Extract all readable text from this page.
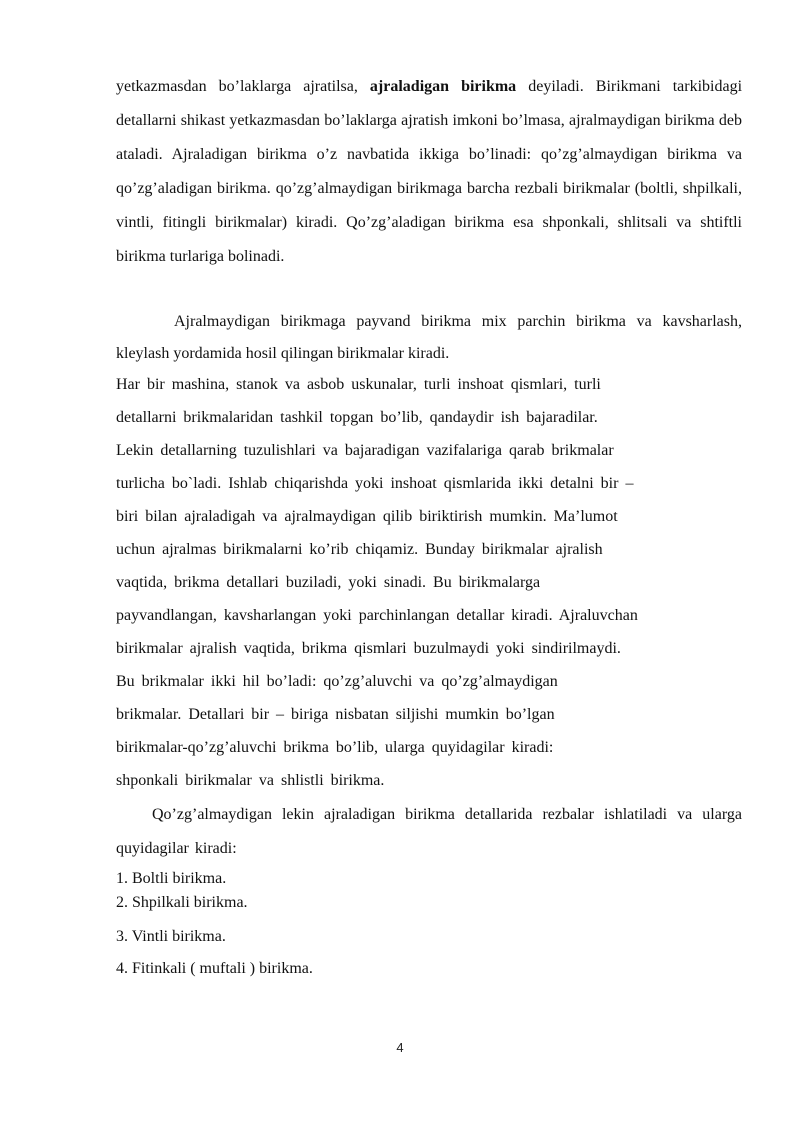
yetkazmasdan bo’laklarga ajratilsa, ajraladigan birikma deyiladi. Birikmani tarkibidagi detallarni shikast yetkazmasdan bo’laklarga ajratish imkoni bo’lmasa, ajralmaydigan birikma deb ataladi. Ajraladigan birikma o’z navbatida ikkiga bo’linadi: qo’zg’almaydigan birikma va qo’zg’aladigan birikma. qo’zg’almaydigan birikmaga barcha rezbali birikmalar (boltli, shpilkali, vintli, fitingli birikmalar) kiradi. Qo’zg’aladigan birikma esa shponkali, shlitsali va shtiftli birikma turlariga bolinadi.

Ajralmaydigan birikmaga payvand birikma mix parchin birikma va kavsharlash, kleylash yordamida hosil qilingan birikmalar kiradi.

Har bir mashina, stanok va asbob uskunalar, turli inshoat qismlari, turli
detallarni brikmalaridan tashkil topgan bo’lib, qandaydir ish bajaradilar.
Lekin detallarning tuzulishlari va bajaradigan vazifalariga qarab brikmalar
turlicha bo`ladi. Ishlab chiqarishda yoki inshoat qismlarida ikki detalni bir –
biri bilan ajraladigah va ajralmaydigan qilib biriktirish mumkin. Ma’lumot
uchun ajralmas birikmalarni ko’rib chiqamiz. Bunday birikmalar ajralish
vaqtida, brikma detallari buziladi, yoki sinadi. Bu birikmalarga
payvandlangan, kavsharlangan yoki parchinlangan detallar kiradi. Ajraluvchan
birikmalar ajralish vaqtida, brikma qismlari buzulmaydi yoki sindirilmaydi.
Bu brikmalar ikki hil bo’ladi: qo’zg’aluvchi va qo’zg’almaydigan
brikmalar. Detallari bir – biriga nisbatan siljishi mumkin bo’lgan
birikmalar-qo’zg’aluvchi brikma bo’lib, ularga quyidagilar kiradi:
shponkali birikmalar va shlistli birikma.

Qo’zg’almaydigan lekin ajraladigan birikma detallarida rezbalar ishlatiladi va ularga quyidagilar kiradi:

1. Boltli birikma.
2. Shpilkali birikma.
3. Vintli birikma.
4. Fitinkali ( muftali ) birikma.
4
